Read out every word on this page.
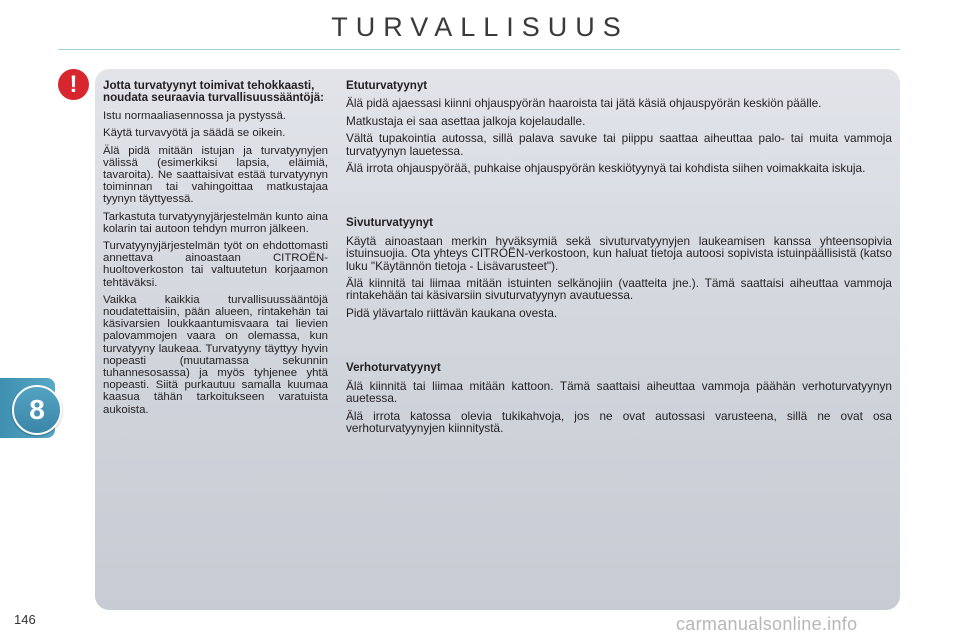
TURVALLISUUS
!	Jotta turvatyynyt toimivat tehokkaasti, noudata seuraavia turvallisuussääntöjä:

Istu normaaliasennossa ja pystyssä.

Käytä turvavyötä ja säädä se oikein.

Älä pidä mitään istujan ja turvatyynyjen välissä (esimerkiksi lapsia, eläimiä, tavaroita). Ne saattaisivat estää turvatyynyn toiminnan tai vahingoittaa matkustajaa tyynyn täyttyessä.

Tarkastuta turvatyynyjärjestelmän kunto aina kolarin tai autoon tehdyn murron jälkeen.

Turvatyynyjärjestelmän työt on ehdottomasti annettava ainoastaan CITROËN-huoltoverkoston tai valtuutetun korjaamon tehtäväksi.

Vaikka kaikkia turvallisuussääntöjä noudatettaisiin, pään alueen, rintakehän tai käsivarsien loukkaantumisvaara tai lievien palovammojen vaara on olemassa, kun turvatyyny laukeaa. Turvatyyny täyttyy hyvin nopeasti (muutamassa sekunnin tuhannesosassa) ja myös tyhjenee yhtä nopeasti. Siitä purkautuu samalla kuumaa kaasua tähän tarkoitukseen varatuista aukoista.

Etuturvatyynyt

Älä pidä ajaessasi kiinni ohjauspyörän haaroista tai jätä käsiä ohjauspyörän keskiön päälle.

Matkustaja ei saa asettaa jalkoja kojelaudalle.

Vältä tupakointia autossa, sillä palava savuke tai piippu saattaa aiheuttaa palo- tai muita vammoja turvatyynyn lauetessa.

Älä irrota ohjauspyörää, puhkaise ohjauspyörän keskiötyynyä tai kohdista siihen voimakkaita iskuja.

Sivuturvatyynyt

Käytä ainoastaan merkin hyväksymiä sekä sivuturvatyynyjen laukeamisen kanssa yhteensopivia istuinsuojia. Ota yhteys CITROËN-verkostoon, kun haluat tietoja autoosi sopivista istuinpäällisistä (katso luku "Käytännön tietoja - Lisävarusteet").

Älä kiinnitä tai liimaa mitään istuinten selkänojiin (vaatteita jne.). Tämä saattaisi aiheuttaa vammoja rintakehään tai käsivarsiin sivuturvatyynyn avautuessa.

Pidä ylävartalo riittävän kaukana ovesta.

Verhoturvatyynyt

Älä kiinnitä tai liimaa mitään kattoon. Tämä saattaisi aiheuttaa vammoja päähän verhoturvatyynyn auetessa.

Älä irrota katossa olevia tukikahvoja, jos ne ovat autossasi varusteena, sillä ne ovat osa verhoturvatyynyjen kiinnitystä.

8
146	carmanualsonline.info
